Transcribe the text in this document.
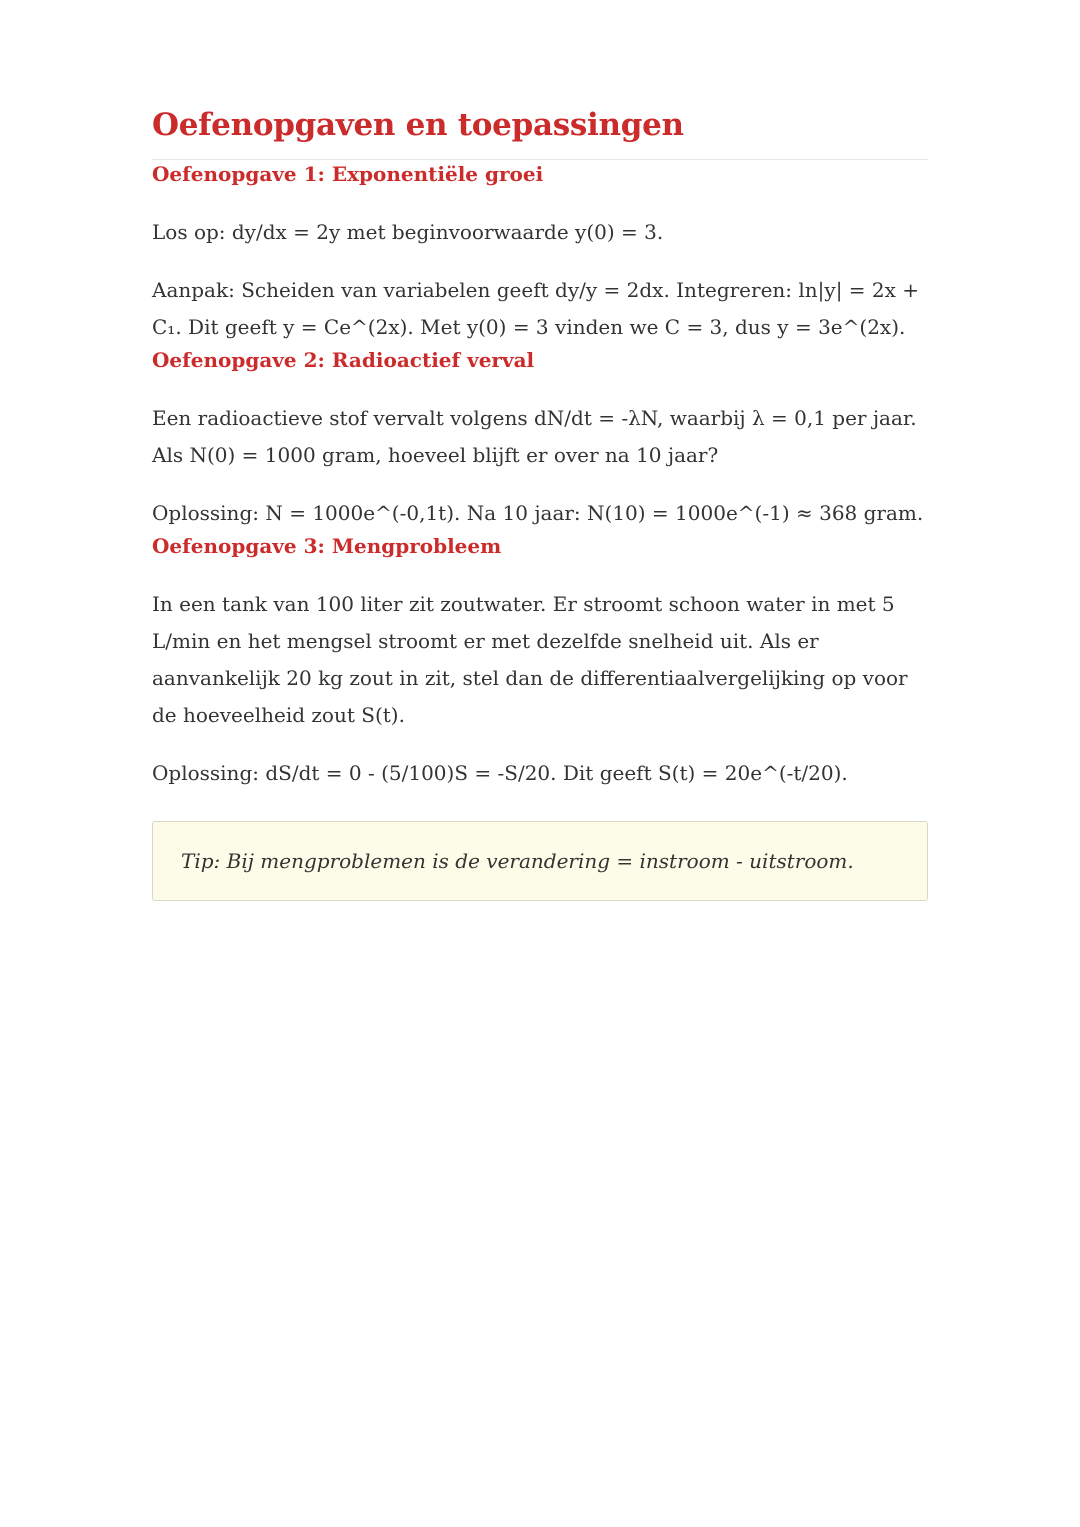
Oefenopgaven en toepassingen
Oefenopgave 1: Exponentiële groei

Los op: dy/dx = 2y met beginvoorwaarde y(0) = 3.

Aanpak: Scheiden van variabelen geeft dy/y = 2dx. Integreren: ln|y| = 2x + C₁. Dit geeft y = Ce^(2x). Met y(0) = 3 vinden we C = 3, dus y = 3e^(2x).

Oefenopgave 2: Radioactief verval

Een radioactieve stof vervalt volgens dN/dt = -λN, waarbij λ = 0,1 per jaar. Als N(0) = 1000 gram, hoeveel blijft er over na 10 jaar?

Oplossing: N = 1000e^(-0,1t). Na 10 jaar: N(10) = 1000e^(-1) ≈ 368 gram.

Oefenopgave 3: Mengprobleem

In een tank van 100 liter zit zoutwater. Er stroomt schoon water in met 5 L/min en het mengsel stroomt er met dezelfde snelheid uit. Als er aanvankelijk 20 kg zout in zit, stel dan de differentiaalvergelijking op voor de hoeveelheid zout S(t).

Oplossing: dS/dt = 0 - (5/100)S = -S/20. Dit geeft S(t) = 20e^(-t/20).

Tip: Bij mengproblemen is de verandering = instroom - uitstroom.
